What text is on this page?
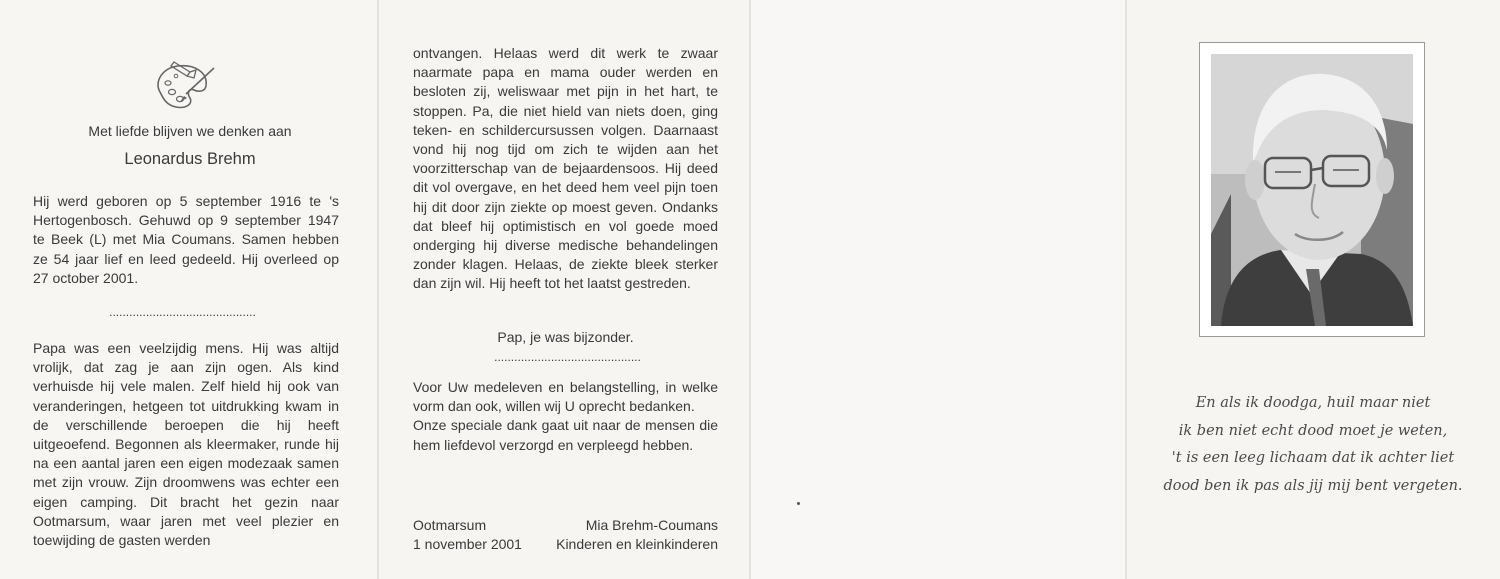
Met liefde blijven we denken aan

Leonardus Brehm

Hij werd geboren op 5 september 1916 te 's Hertogenbosch. Gehuwd op 9 september 1947 te Beek (L) met Mia Coumans. Samen hebben ze 54 jaar lief en leed gedeeld. Hij overleed op 27 october 2001.

............................................

Papa was een veelzijdig mens. Hij was altijd vrolijk, dat zag je aan zijn ogen. Als kind verhuisde hij vele malen. Zelf hield hij ook van veranderingen, hetgeen tot uitdrukking kwam in de verschillende beroepen die hij heeft uitgeoefend. Begonnen als kleermaker, runde hij na een aantal jaren een eigen modezaak samen met zijn vrouw. Zijn droomwens was echter een eigen camping. Dit bracht het gezin naar Ootmarsum, waar jaren met veel plezier en toewijding de gasten werden

ontvangen. Helaas werd dit werk te zwaar naarmate papa en mama ouder werden en besloten zij, weliswaar met pijn in het hart, te stoppen. Pa, die niet hield van niets doen, ging teken- en schildercursussen volgen. Daarnaast vond hij nog tijd om zich te wijden aan het voorzitterschap van de bejaardensoos. Hij deed dit vol overgave, en het deed hem veel pijn toen hij dit door zijn ziekte op moest geven. Ondanks dat bleef hij optimistisch en vol goede moed onderging hij diverse medische behandelingen zonder klagen. Helaas, de ziekte bleek sterker dan zijn wil. Hij heeft tot het laatst gestreden.

Pap, je was bijzonder.

............................................

Voor Uw medeleven en belangstelling, in welke vorm dan ook, willen wij U oprecht bedanken.

Onze speciale dank gaat uit naar de mensen die hem liefdevol verzorgd en verpleegd hebben.

Ootmarsum
1 november 2001
Mia Brehm-Coumans
Kinderen en kleinkinderen
En als ik doodga, huil maar niet
ik ben niet echt dood moet je weten,
't is een leeg lichaam dat ik achter liet
dood ben ik pas als jij mij bent vergeten.
